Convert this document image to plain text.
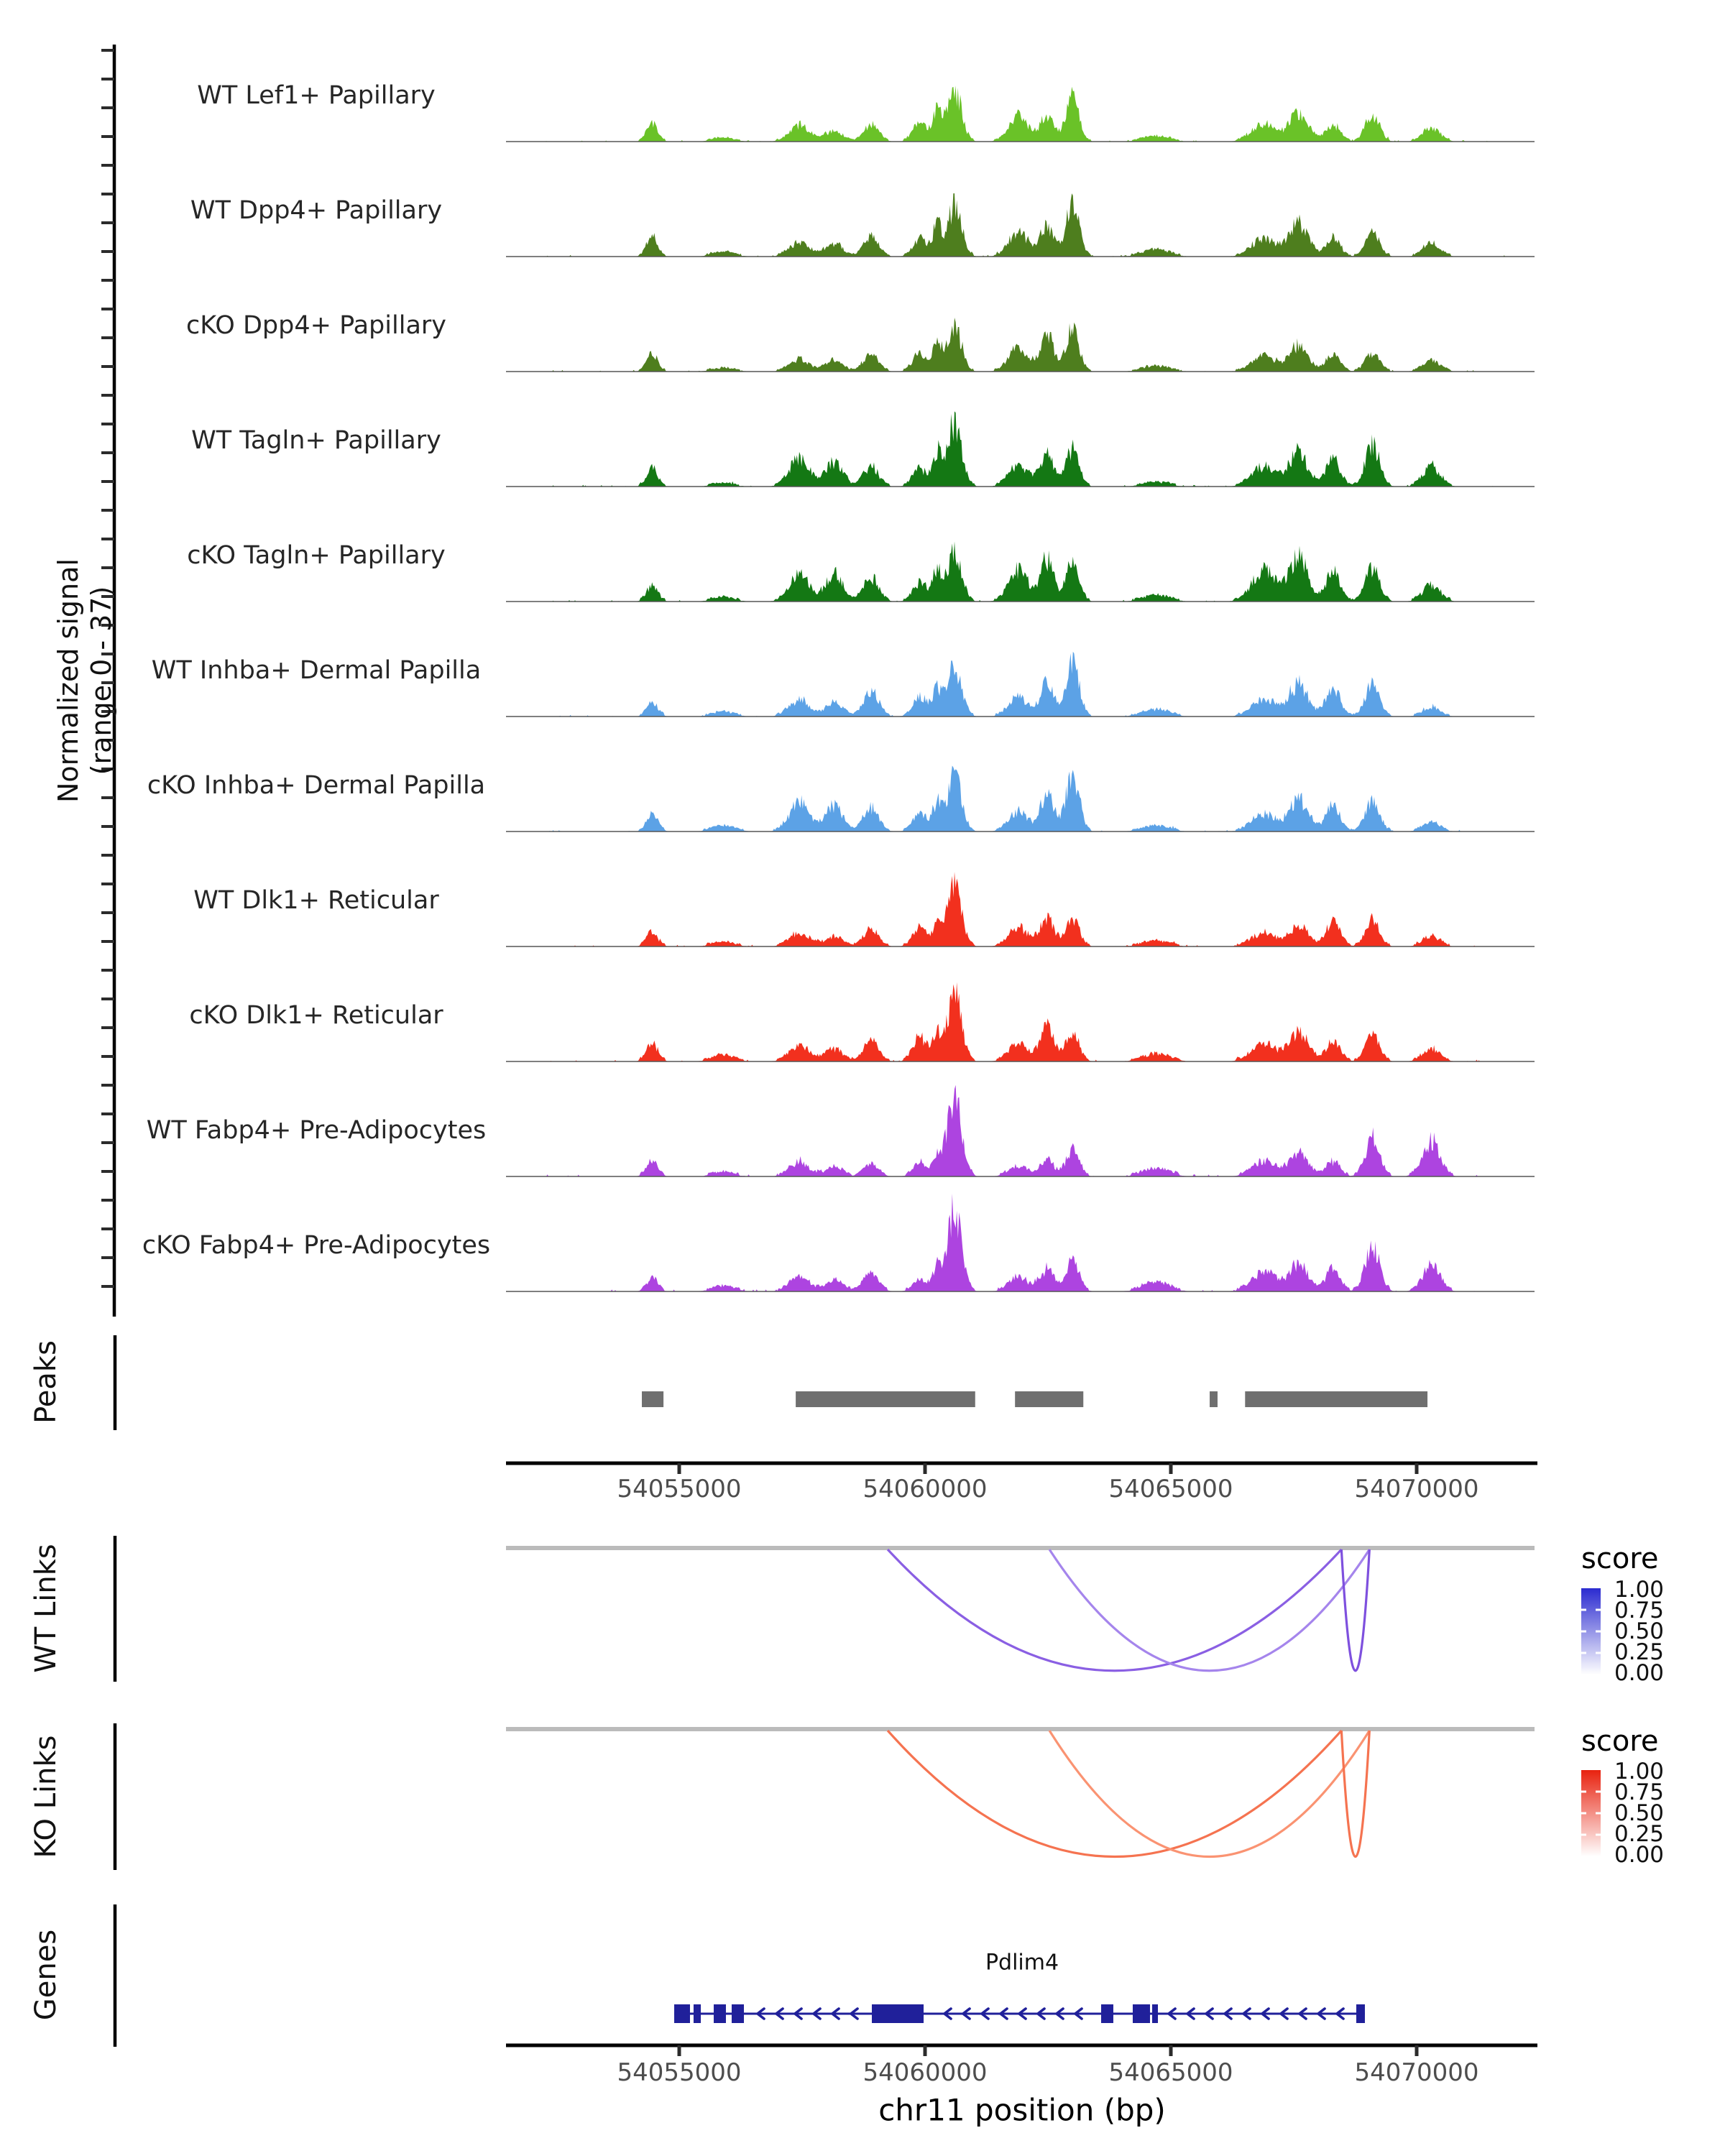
Normalized signal (range 0 - 37)
Peaks
WT Links
KO Links
Genes
chr11 position (bp)
Pdlim4
score
score
WT Lef1+ Papillary
WT Dpp4+ Papillary
cKO Dpp4+ Papillary
WT Tagln+ Papillary
cKO Tagln+ Papillary
WT Inhba+ Dermal Papilla
cKO Inhba+ Dermal Papilla
WT Dlk1+ Reticular
cKO Dlk1+ Reticular
WT Fabp4+ Pre-Adipocytes
cKO Fabp4+ Pre-Adipocytes
54055000	54060000	54065000	54070000
54055000	54060000	54065000	54070000
1.00
0.75
0.50
0.25
0.00
1.00
0.75
0.50
0.25
0.00
